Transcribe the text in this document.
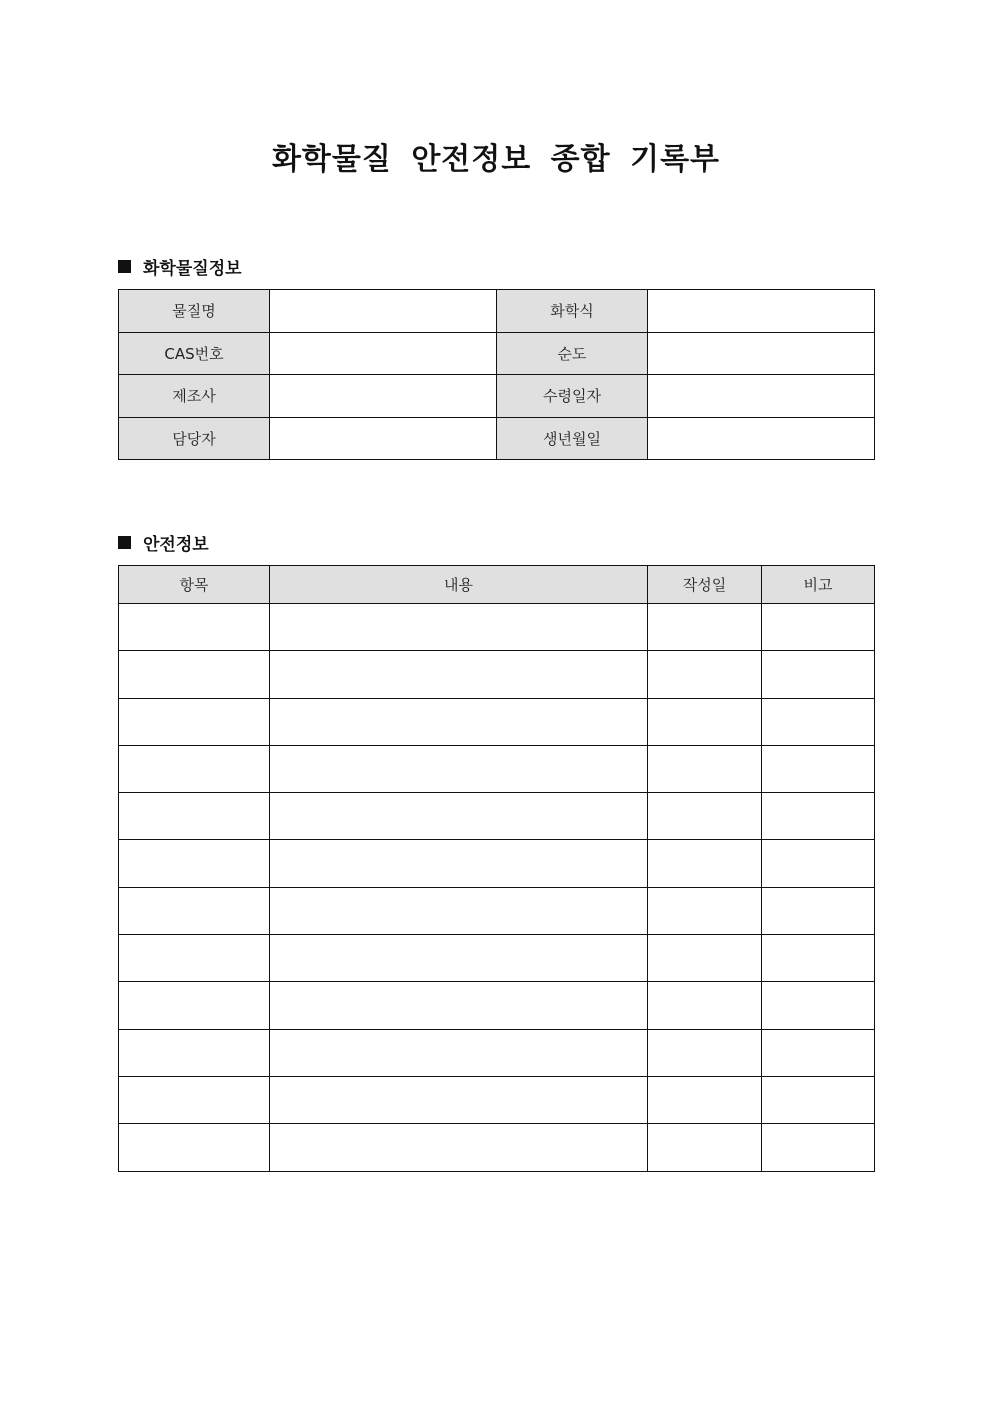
화학물질 안전정보 종합 기록부
화학물질정보
물질명		화학식	
CAS번호		순도	
제조사		수령일자	
담당자		생년월일	
안전정보
항목	내용	작성일	비고
